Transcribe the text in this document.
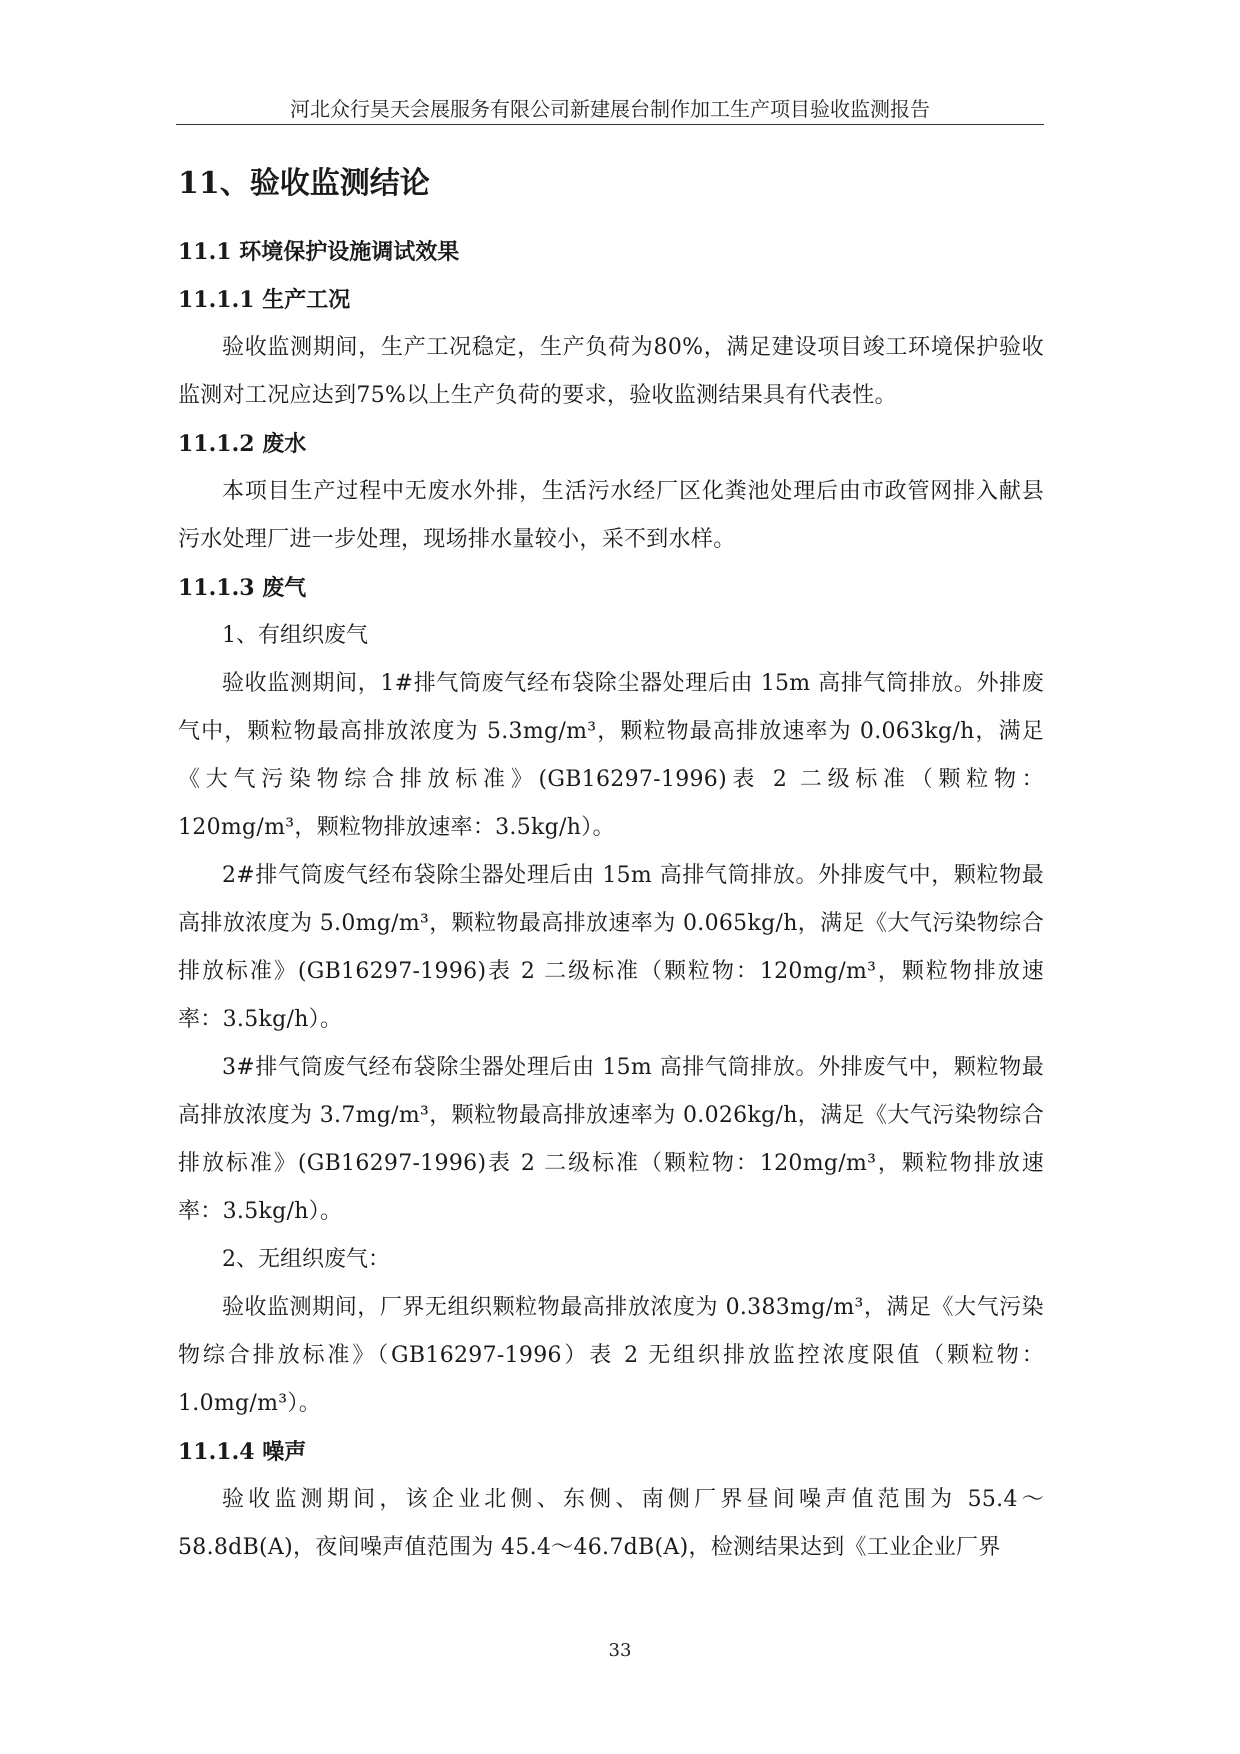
河北众行昊天会展服务有限公司新建展台制作加工生产项目验收监测报告
11、验收监测结论
11.1 环境保护设施调试效果
11.1.1 生产工况

验收监测期间，生产工况稳定，生产负荷为80%，满足建设项目竣工环境保护验收监测对工况应达到75%以上生产负荷的要求，验收监测结果具有代表性。

11.1.2 废水

本项目生产过程中无废水外排，生活污水经厂区化粪池处理后由市政管网排入献县污水处理厂进一步处理，现场排水量较小，采不到水样。

11.1.3 废气
1、有组织废气

验收监测期间，1#排气筒废气经布袋除尘器处理后由 15m 高排气筒排放。外排废气中，颗粒物最高排放浓度为 5.3mg/m³，颗粒物最高排放速率为 0.063kg/h，满足《大气污染物综合排放标准》(GB16297-1996)表 2 二级标准（颗粒物：120mg/m³，颗粒物排放速率：3.5kg/h）。

2#排气筒废气经布袋除尘器处理后由 15m 高排气筒排放。外排废气中，颗粒物最高排放浓度为 5.0mg/m³，颗粒物最高排放速率为 0.065kg/h，满足《大气污染物综合排放标准》(GB16297-1996)表 2 二级标准（颗粒物：120mg/m³，颗粒物排放速率：3.5kg/h）。

3#排气筒废气经布袋除尘器处理后由 15m 高排气筒排放。外排废气中，颗粒物最高排放浓度为 3.7mg/m³，颗粒物最高排放速率为 0.026kg/h，满足《大气污染物综合排放标准》(GB16297-1996)表 2 二级标准（颗粒物：120mg/m³，颗粒物排放速率：3.5kg/h）。

2、无组织废气：

验收监测期间，厂界无组织颗粒物最高排放浓度为 0.383mg/m³，满足《大气污染物综合排放标准》（GB16297-1996）表 2 无组织排放监控浓度限值（颗粒物：1.0mg/m³）。

11.1.4 噪声

验收监测期间，该企业北侧、东侧、南侧厂界昼间噪声值范围为 55.4～58.8dB(A)，夜间噪声值范围为 45.4～46.7dB(A)，检测结果达到《工业企业厂界

33
